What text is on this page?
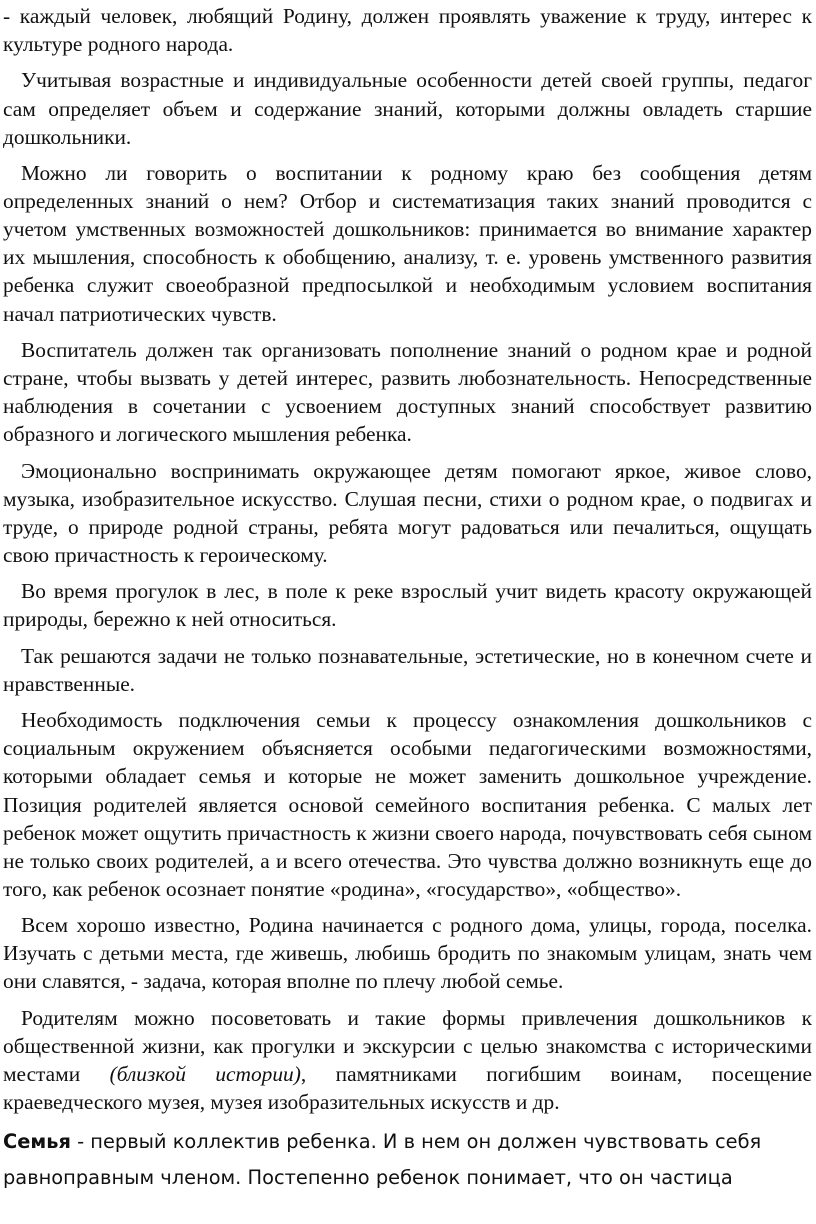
- каждый человек, любящий Родину, должен проявлять уважение к труду, интерес к культуре родного народа.

Учитывая возрастные и индивидуальные особенности детей своей группы, педагог сам определяет объем и содержание знаний, которыми должны овладеть старшие дошкольники.

Можно ли говорить о воспитании к родному краю без сообщения детям определенных знаний о нем? Отбор и систематизация таких знаний проводится с учетом умственных возможностей дошкольников: принимается во внимание характер их мышления, способность к обобщению, анализу, т. е. уровень умственного развития ребенка служит своеобразной предпосылкой и необходимым условием воспитания начал патриотических чувств.

Воспитатель должен так организовать пополнение знаний о родном крае и родной стране, чтобы вызвать у детей интерес, развить любознательность. Непосредственные наблюдения в сочетании с усвоением доступных знаний способствует развитию образного и логического мышления ребенка.

Эмоционально воспринимать окружающее детям помогают яркое, живое слово, музыка, изобразительное искусство. Слушая песни, стихи о родном крае, о подвигах и труде, о природе родной страны, ребята могут радоваться или печалиться, ощущать свою причастность к героическому.

Во время прогулок в лес, в поле к реке взрослый учит видеть красоту окружающей природы, бережно к ней относиться.

Так решаются задачи не только познавательные, эстетические, но в конечном счете и нравственные.

Необходимость подключения семьи к процессу ознакомления дошкольников с социальным окружением объясняется особыми педагогическими возможностями, которыми обладает семья и которые не может заменить дошкольное учреждение. Позиция родителей является основой семейного воспитания ребенка. С малых лет ребенок может ощутить причастность к жизни своего народа, почувствовать себя сыном не только своих родителей, а и всего отечества. Это чувства должно возникнуть еще до того, как ребенок осознает понятие «родина», «государство», «общество».

Всем хорошо известно, Родина начинается с родного дома, улицы, города, поселка. Изучать с детьми места, где живешь, любишь бродить по знакомым улицам, знать чем они славятся, - задача, которая вполне по плечу любой семье.

Родителям можно посоветовать и такие формы привлечения дошкольников к общественной жизни, как прогулки и экскурсии с целью знакомства с историческими местами (близкой истории), памятниками погибшим воинам, посещение краеведческого музея, музея изобразительных искусств и др.

Семья - первый коллектив ребенка. И в нем он должен чувствовать себя равноправным членом. Постепенно ребенок понимает, что он частица
